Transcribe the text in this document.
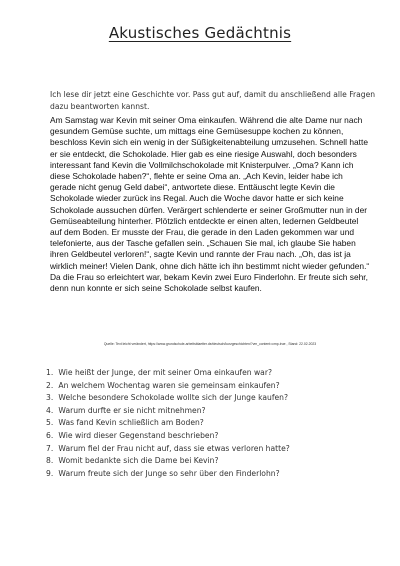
Akustisches Gedächtnis
Ich lese dir jetzt eine Geschichte vor. Pass gut auf, damit du anschließend alle Fragen dazu beantworten kannst.
Am Samstag war Kevin mit seiner Oma einkaufen. Während die alte Dame nur nach gesundem Gemüse suchte, um mittags eine Gemüsesuppe kochen zu können, beschloss Kevin sich ein wenig in der Süßigkeitenabteilung umzusehen. Schnell hatte er sie entdeckt, die Schokolade. Hier gab es eine riesige Auswahl, doch besonders interessant fand Kevin die Vollmilchschokolade mit Knisterpulver. „Oma? Kann ich diese Schokolade haben?“, flehte er seine Oma an. „Ach Kevin, leider habe ich gerade nicht genug Geld dabei“, antwortete diese. Enttäuscht legte Kevin die Schokolade wieder zurück ins Regal. Auch die Woche davor hatte er sich keine Schokolade aussuchen dürfen. Verärgert schlenderte er seiner Großmutter nun in der Gemüseabteilung hinterher. Plötzlich entdeckte er einen alten, ledernen Geldbeutel auf dem Boden. Er musste der Frau, die gerade in den Laden gekommen war und telefonierte, aus der Tasche gefallen sein. „Schauen Sie mal, ich glaube Sie haben ihren Geldbeutel verloren!“, sagte Kevin und rannte der Frau nach. „Oh, das ist ja wirklich meiner! Vielen Dank, ohne dich hätte ich ihn bestimmt nicht wieder gefunden.“ Da die Frau so erleichtert war, bekam Kevin zwei Euro Finderlohn. Er freute sich sehr, denn nun konnte er sich seine Schokolade selbst kaufen.
Quelle: Text leicht verändert, https://www.grundschule-arbeitsblaetter.de/deutsch/kurzgeschichten/?vm_content=cmp-true , Stand: 22.02.2023
1. Wie heißt der Junge, der mit seiner Oma einkaufen war?
2. An welchem Wochentag waren sie gemeinsam einkaufen?
3. Welche besondere Schokolade wollte sich der Junge kaufen?
4. Warum durfte er sie nicht mitnehmen?
5. Was fand Kevin schließlich am Boden?
6. Wie wird dieser Gegenstand beschrieben?
7. Warum fiel der Frau nicht auf, dass sie etwas verloren hatte?
8. Womit bedankte sich die Dame bei Kevin?
9. Warum freute sich der Junge so sehr über den Finderlohn?
